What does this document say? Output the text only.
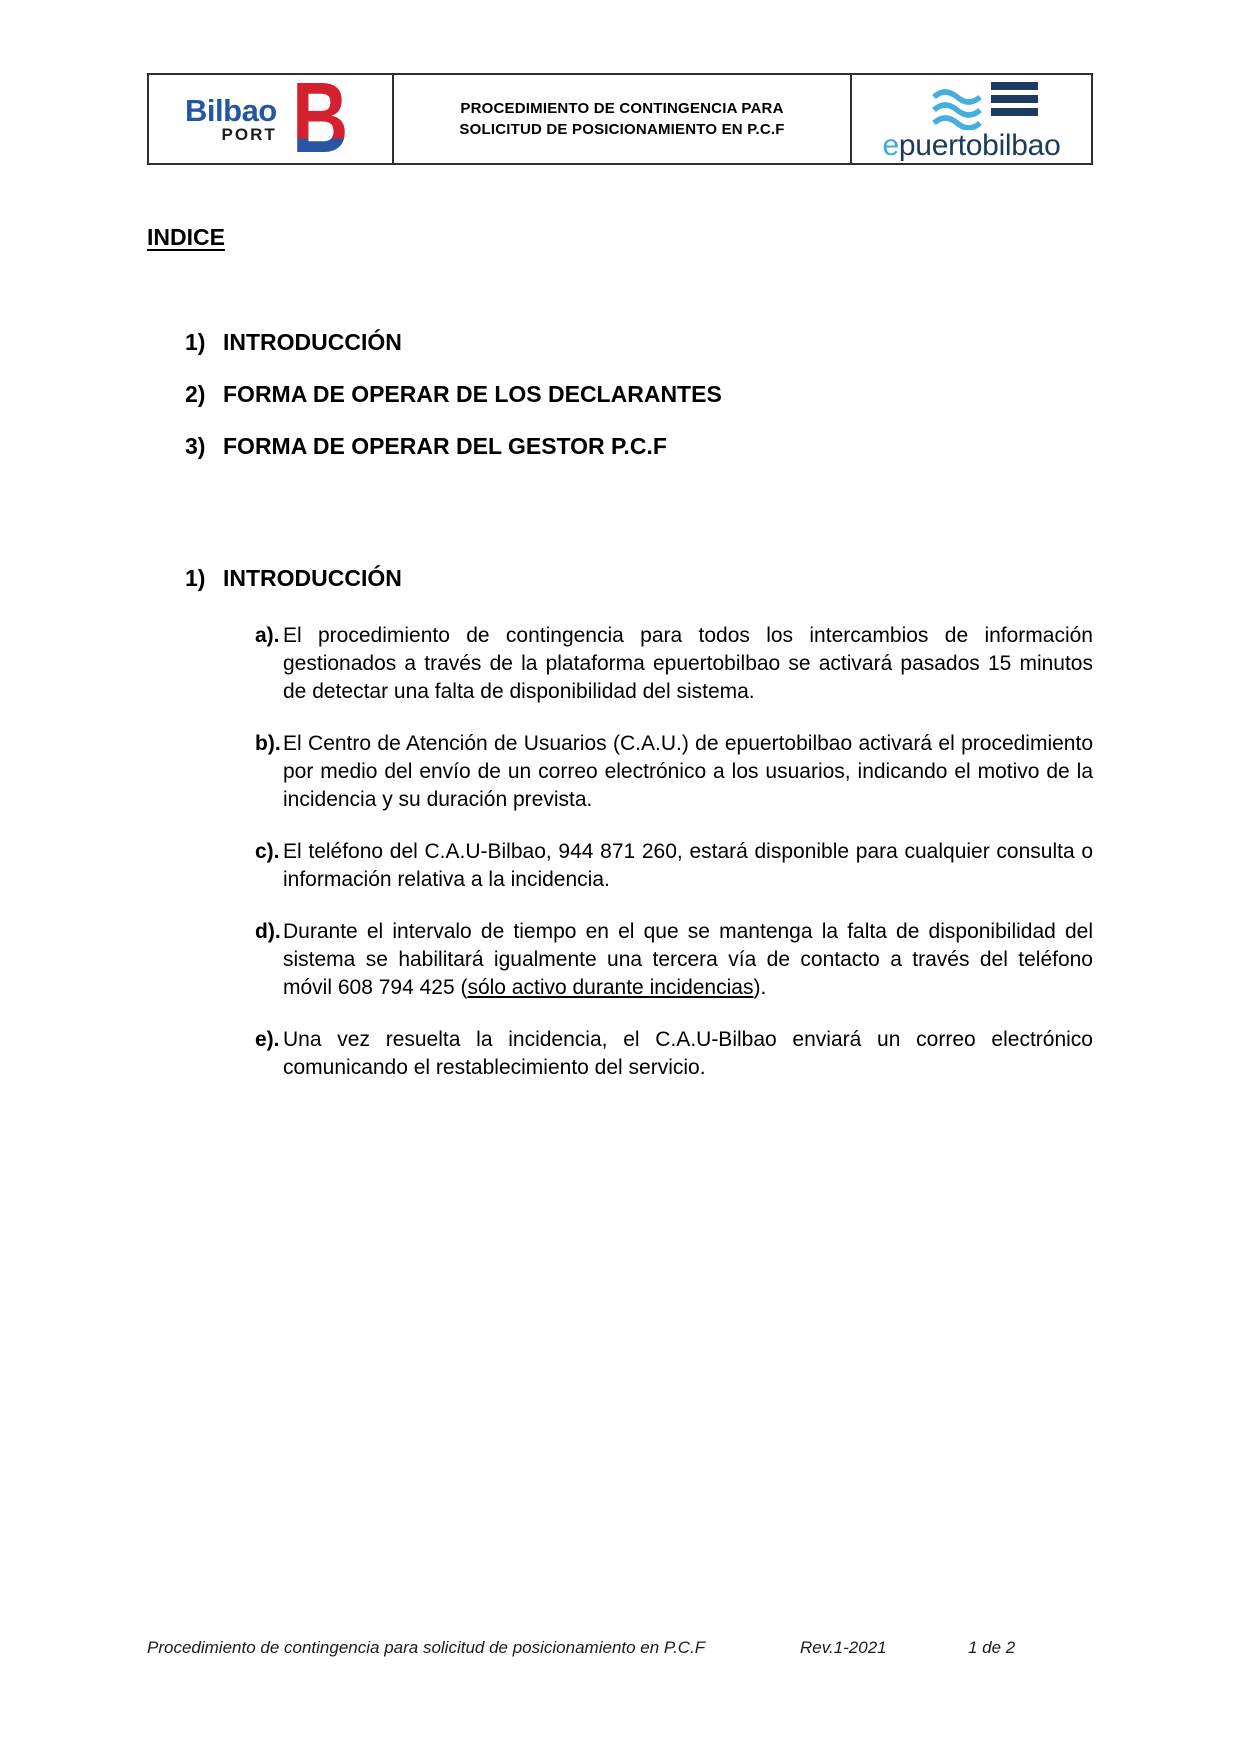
Bilbao
PORT B	PROCEDIMIENTO DE CONTINGENCIA PARA
SOLICITUD DE POSICIONAMIENTO EN P.C.F	epuertobilbao
INDICE
1) INTRODUCCIÓN
2) FORMA DE OPERAR DE LOS DECLARANTES
3) FORMA DE OPERAR DEL GESTOR P.C.F
1) INTRODUCCIÓN
a). El procedimiento de contingencia para todos los intercambios de información gestionados a través de la plataforma epuertobilbao se activará pasados 15 minutos de detectar una falta de disponibilidad del sistema.
b). El Centro de Atención de Usuarios (C.A.U.) de epuertobilbao activará el procedimiento por medio del envío de un correo electrónico a los usuarios, indicando el motivo de la incidencia y su duración prevista.
c). El teléfono del C.A.U-Bilbao, 944 871 260, estará disponible para cualquier consulta o información relativa a la incidencia.
d). Durante el intervalo de tiempo en el que se mantenga la falta de disponibilidad del sistema se habilitará igualmente una tercera vía de contacto a través del teléfono móvil 608 794 425 (sólo activo durante incidencias).
e). Una vez resuelta la incidencia, el C.A.U-Bilbao enviará un correo electrónico comunicando el restablecimiento del servicio.
Procedimiento de contingencia para solicitud de posicionamiento en P.C.F	Rev.1-2021	1 de 2
